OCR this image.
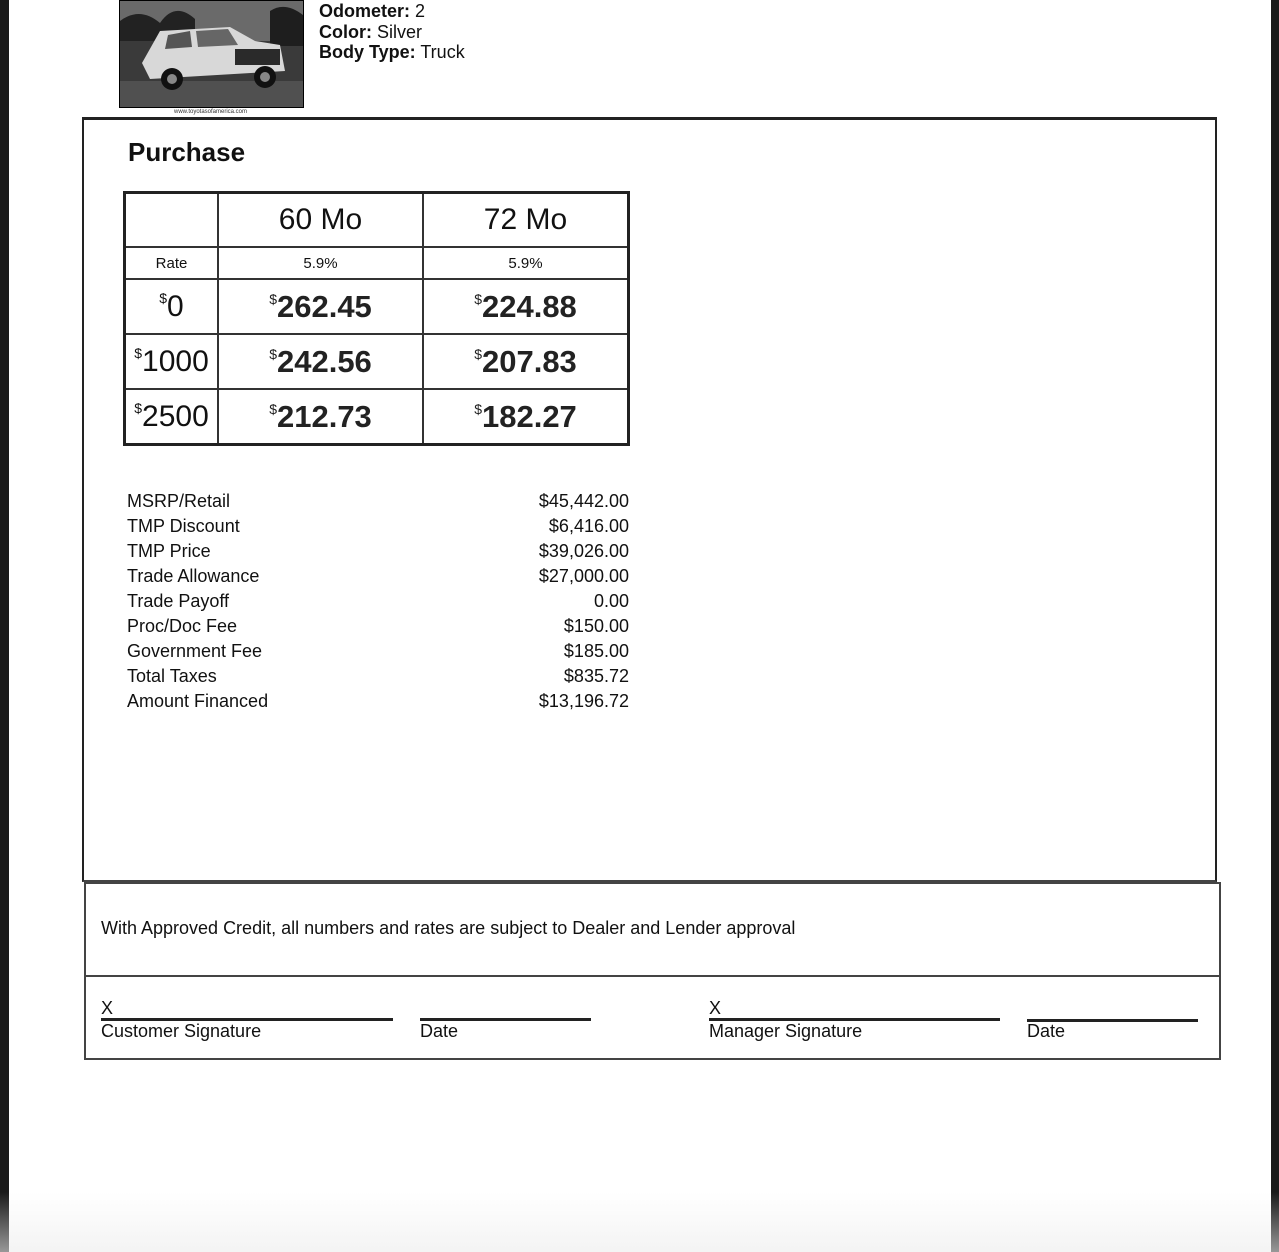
www.toyotasofamerica.com
Odometer: 2
Color: Silver
Body Type: Truck
Purchase
	60 Mo	72 Mo
Rate	5.9%	5.9%
$0	$262.45	$224.88
$1000	$242.56	$207.83
$2500	$212.73	$182.27
MSRP/Retail	$45,442.00
TMP Discount	$6,416.00
TMP Price	$39,026.00
Trade Allowance	$27,000.00
Trade Payoff	0.00
Proc/Doc Fee	$150.00
Government Fee	$185.00
Total Taxes	$835.72
Amount Financed	$13,196.72
With Approved Credit, all numbers and rates are subject to Dealer and Lender approval
X
Customer Signature	Date
X
Manager Signature	Date
